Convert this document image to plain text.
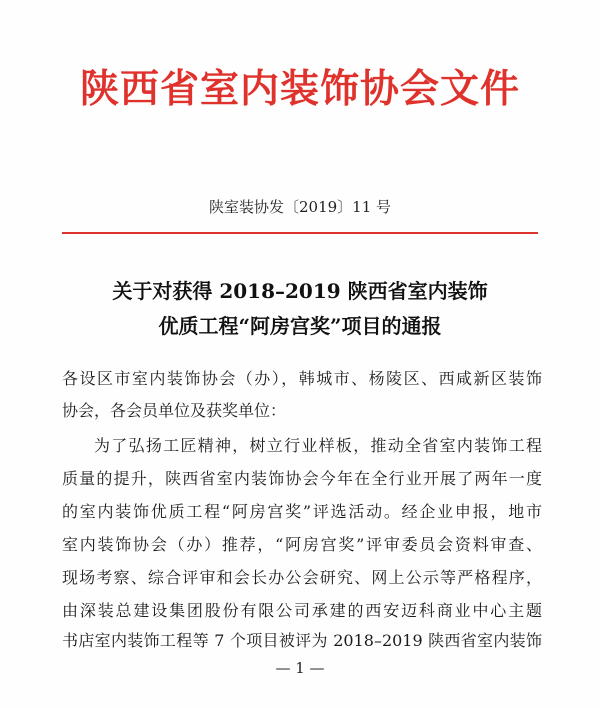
陕西省室内装饰协会文件
陕室装协发〔2019〕11 号
关于对获得 2018–2019 陕西省室内装饰
优质工程“阿房宫奖”项目的通报
各设区市室内装饰协会（办），韩城市、杨陵区、西咸新区装饰
协会，各会员单位及获奖单位：
为了弘扬工匠精神，树立行业样板，推动全省室内装饰工程
质量的提升，陕西省室内装饰协会今年在全行业开展了两年一度
的室内装饰优质工程“阿房宫奖”评选活动。经企业申报，地市
室内装饰协会（办）推荐，“阿房宫奖”评审委员会资料审查、
现场考察、综合评审和会长办公会研究、网上公示等严格程序，
由深装总建设集团股份有限公司承建的西安迈科商业中心主题
书店室内装饰工程等 7 个项目被评为 2018–2019 陕西省室内装饰
— 1 —
